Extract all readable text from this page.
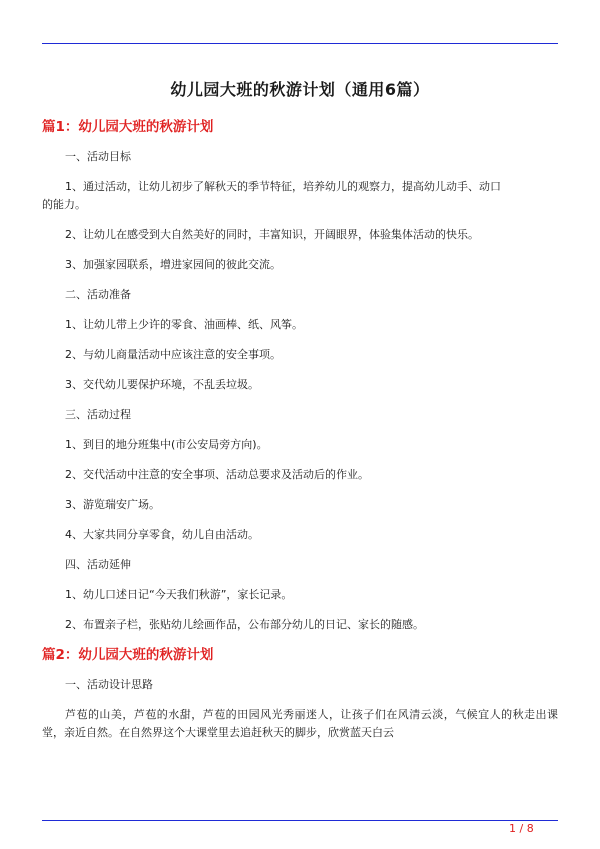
幼儿园大班的秋游计划（通用6篇）
篇1：幼儿园大班的秋游计划

一、活动目标

1、通过活动，让幼儿初步了解秋天的季节特征，培养幼儿的观察力，提高幼儿动手、动口的能力。

2、让幼儿在感受到大自然美好的同时，丰富知识，开阔眼界，体验集体活动的快乐。

3、加强家园联系，增进家园间的彼此交流。

二、活动准备

1、让幼儿带上少许的零食、油画棒、纸、风筝。

2、与幼儿商量活动中应该注意的安全事项。

3、交代幼儿要保护环境，不乱丢垃圾。

三、活动过程

1、到目的地分班集中(市公安局旁方向)。

2、交代活动中注意的安全事项、活动总要求及活动后的作业。

3、游览瑞安广场。

4、大家共同分享零食，幼儿自由活动。

四、活动延伸

1、幼儿口述日记“今天我们秋游”，家长记录。

2、布置亲子栏，张贴幼儿绘画作品，公布部分幼儿的日记、家长的随感。

篇2：幼儿园大班的秋游计划

一、活动设计思路

芦苞的山美，芦苞的水甜，芦苞的田园风光秀丽迷人，让孩子们在风清云淡，气候宜人的秋走出课堂，亲近自然。在自然界这个大课堂里去追赶秋天的脚步，欣赏蓝天白云

1 / 8
